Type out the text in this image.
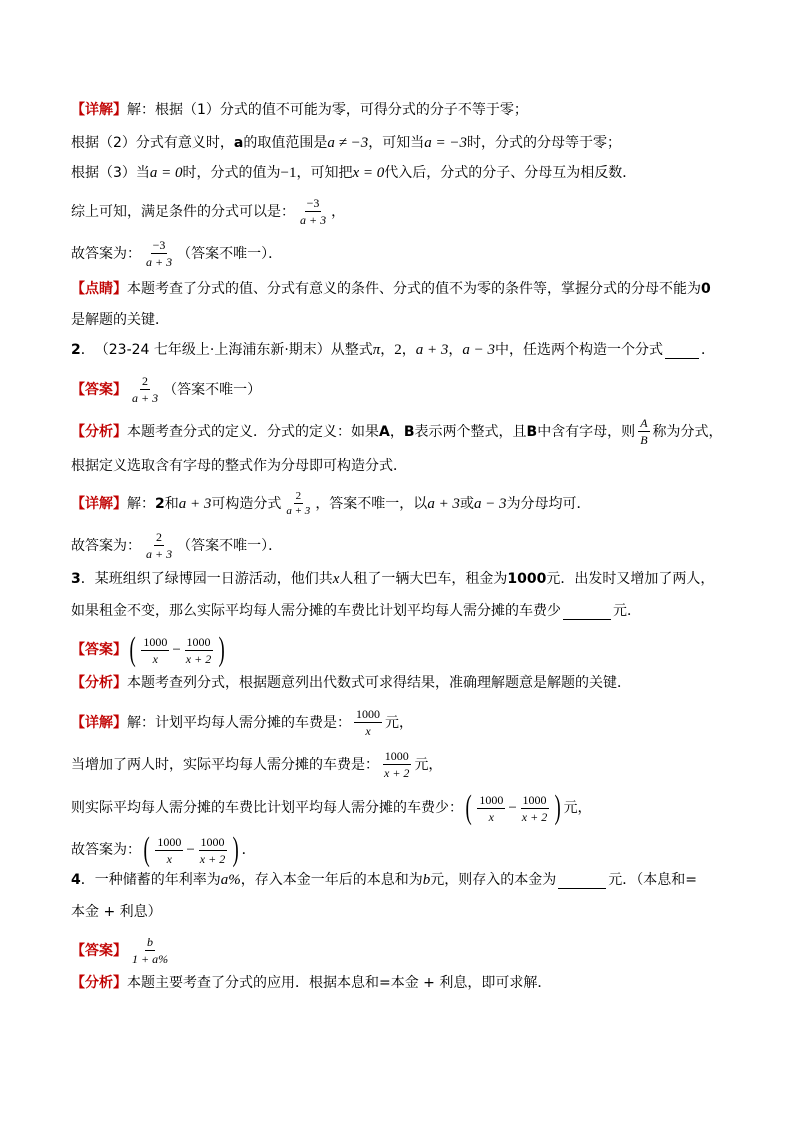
【详解】 解：根据（1）分式的值不可能为零，可得分式的分子不等于零；
根据（2）分式有意义时， a 的取值范围是 a ≠ −3 ，可知当 a = −3 时，分式的分母等于零；
根据（3）当 a = 0 时，分式的值为 −1 ，可知把 x = 0 代入后，分式的分子、分母互为相反数．
综上可知，满足条件的分式可以是： $\frac{-3}{a + 3}$ ，
故答案为： $\frac{-3}{a + 3}$ （答案不唯一）．
【点睛】 本题考查了分式的值、分式有意义的条件、分式的值不为零的条件等，掌握分式的分母不能为 0
是解题的关键．
2 ． （23-24 七年级上·上海浦东新·期末）从整式 π ， 2 ， a + 3 ， a − 3 中，任选两个构造一个分式	．
【答案】 $\frac{2}{a + 3}$ （答案不唯一）
【分析】 本题考查分式的定义．分式的定义：如果 A ， B 表示两个整式，且 B 中含有字母，则 $\frac{A}{B}$ 称为分式，
根据定义选取含有字母的整式作为分母即可构造分式．
【详解】 解： 2 和 a + 3 可构造分式 $\frac{2}{a + 3}$ ，答案不唯一，以 a + 3 或 a − 3 为分母均可．
故答案为： $\frac{2}{a + 3}$ （答案不唯一）．
3 ．某班组织了绿博园一日游活动，他们共 x 人租了一辆大巴车，租金为 1000 元．出发时又增加了两人，
如果租金不变，那么实际平均每人需分摊的车费比计划平均每人需分摊的车费少	元．
【答案】 ( $\frac{1000}{x} - \frac{1000}{x + 2}$ )
【分析】 本题考查列分式，根据题意列出代数式可求得结果，准确理解题意是解题的关键．
【详解】 解：计划平均每人需分摊的车费是： $\frac{1000}{x}$ 元，
当增加了两人时，实际平均每人需分摊的车费是： $\frac{1000}{x + 2}$ 元，
则实际平均每人需分摊的车费比计划平均每人需分摊的车费少： ( $\frac{1000}{x} - \frac{1000}{x + 2}$ ) 元，
故答案为： ( $\frac{1000}{x} - \frac{1000}{x + 2}$ ) ．
4 ．一种储蓄的年利率为 a% ，存入本金一年后的本息和为 b 元，则存入的本金为	元．（本息和=
本金 + 利息）
【答案】 $\frac{b}{1 + a\%}$
【分析】 本题主要考查了分式的应用．根据本息和=本金 + 利息，即可求解．
